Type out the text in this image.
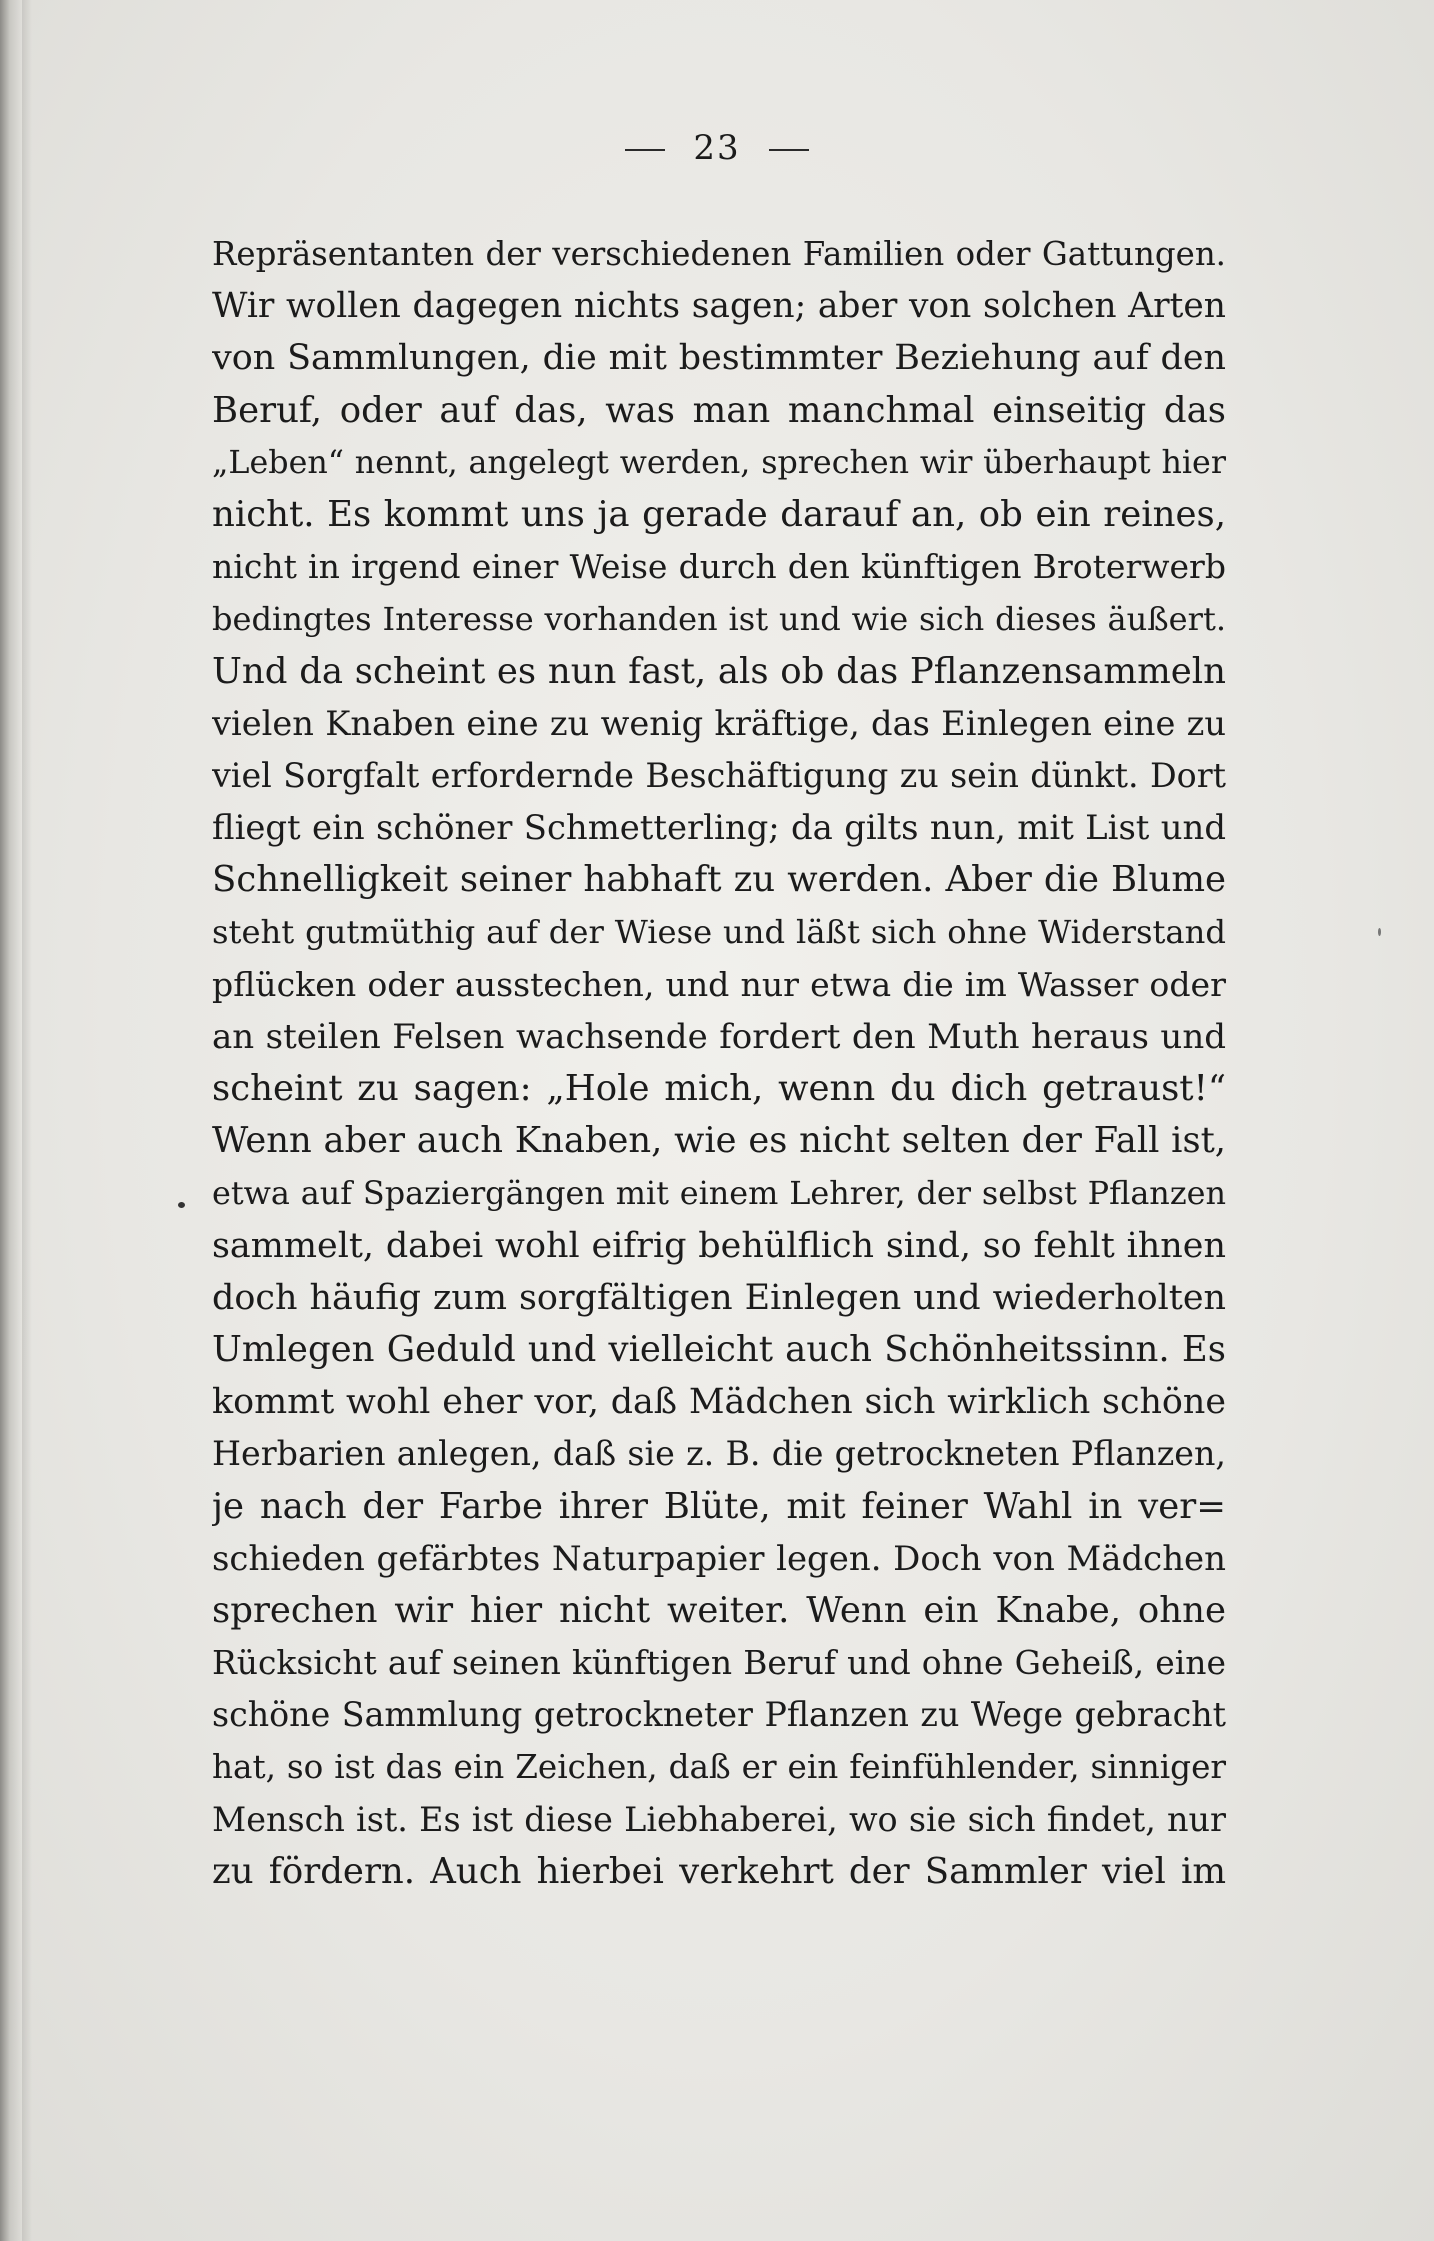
23
Repräsentanten der verschiedenen Familien oder Gattungen.
Wir wollen dagegen nichts sagen; aber von solchen Arten
von Sammlungen, die mit bestimmter Beziehung auf den
Beruf, oder auf das, was man manchmal einseitig das
„Leben“ nennt, angelegt werden, sprechen wir überhaupt hier
nicht. Es kommt uns ja gerade darauf an, ob ein reines,
nicht in irgend einer Weise durch den künftigen Broterwerb
bedingtes Interesse vorhanden ist und wie sich dieses äußert.
Und da scheint es nun fast, als ob das Pflanzensammeln
vielen Knaben eine zu wenig kräftige, das Einlegen eine zu
viel Sorgfalt erfordernde Beschäftigung zu sein dünkt. Dort
fliegt ein schöner Schmetterling; da gilts nun, mit List und
Schnelligkeit seiner habhaft zu werden. Aber die Blume
steht gutmüthig auf der Wiese und läßt sich ohne Widerstand
pflücken oder ausstechen, und nur etwa die im Wasser oder
an steilen Felsen wachsende fordert den Muth heraus und
scheint zu sagen: „Hole mich, wenn du dich getraust!“
Wenn aber auch Knaben, wie es nicht selten der Fall ist,
etwa auf Spaziergängen mit einem Lehrer, der selbst Pflanzen
sammelt, dabei wohl eifrig behülflich sind, so fehlt ihnen
doch häufig zum sorgfältigen Einlegen und wiederholten
Umlegen Geduld und vielleicht auch Schönheitssinn. Es
kommt wohl eher vor, daß Mädchen sich wirklich schöne
Herbarien anlegen, daß sie z. B. die getrockneten Pflanzen,
je nach der Farbe ihrer Blüte, mit feiner Wahl in ver=
schieden gefärbtes Naturpapier legen. Doch von Mädchen
sprechen wir hier nicht weiter. Wenn ein Knabe, ohne
Rücksicht auf seinen künftigen Beruf und ohne Geheiß, eine
schöne Sammlung getrockneter Pflanzen zu Wege gebracht
hat, so ist das ein Zeichen, daß er ein feinfühlender, sinniger
Mensch ist. Es ist diese Liebhaberei, wo sie sich findet, nur
zu fördern. Auch hierbei verkehrt der Sammler viel im
